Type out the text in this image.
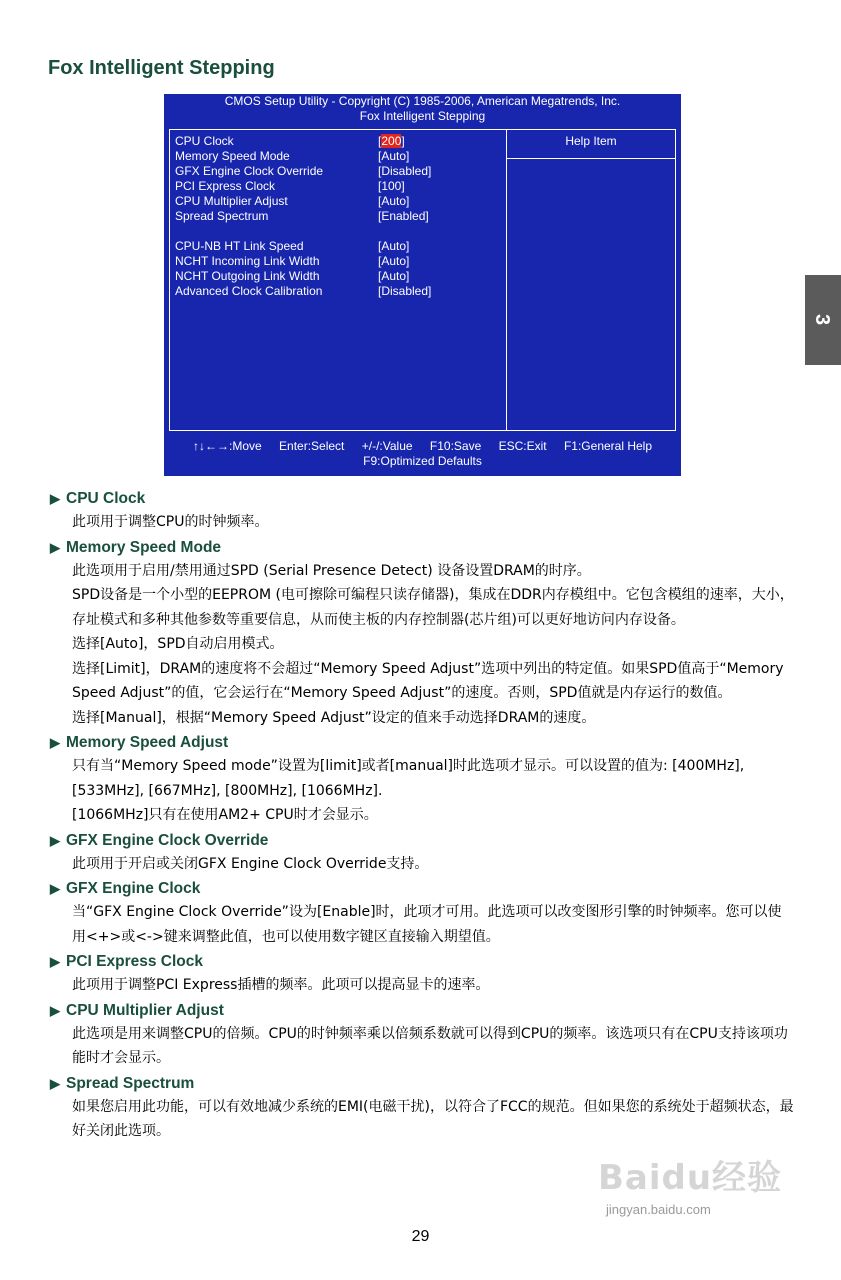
Fox Intelligent Stepping
CMOS Setup Utility - Copyright (C) 1985-2006, American Megatrends, Inc.
Fox Intelligent Stepping
Help Item
CPU Clock	[200]
Memory Speed Mode	[Auto]
GFX Engine Clock Override	[Disabled]
PCI Express Clock	[100]
CPU Multiplier Adjust	[Auto]
Spread Spectrum	[Enabled]
CPU-NB HT Link Speed	[Auto]
NCHT Incoming Link Width	[Auto]
NCHT Outgoing Link Width	[Auto]
Advanced Clock Calibration	[Disabled]
↑↓←→:Move Enter:Select +/-/:Value F10:Save ESC:Exit F1:General Help
F9:Optimized Defaults
3
▶ CPU Clock
此项用于调整CPU的时钟频率。
▶ Memory Speed Mode
此选项用于启用/禁用通过SPD (Serial Presence Detect) 设备设置DRAM的时序。
SPD设备是一个小型的EEPROM (电可擦除可编程只读存储器)，集成在DDR内存模组中。它包含模组的速率，大小，存址模式和多种其他参数等重要信息，从而使主板的内存控制器(芯片组)可以更好地访问内存设备。
选择[Auto]，SPD自动启用模式。
选择[Limit]，DRAM的速度将不会超过“Memory Speed Adjust”选项中列出的特定值。如果SPD值高于“Memory Speed Adjust”的值，它会运行在“Memory Speed Adjust”的速度。否则，SPD值就是内存运行的数值。
选择[Manual]，根据“Memory Speed Adjust”设定的值来手动选择DRAM的速度。
▶ Memory Speed Adjust
只有当“Memory Speed mode”设置为[limit]或者[manual]时此选项才显示。可以设置的值为: [400MHz], [533MHz], [667MHz], [800MHz], [1066MHz].
[1066MHz]只有在使用AM2+ CPU时才会显示。
▶ GFX Engine Clock Override
此项用于开启或关闭GFX Engine Clock Override支持。
▶ GFX Engine Clock
当“GFX Engine Clock Override”设为[Enable]时，此项才可用。此选项可以改变图形引擎的时钟频率。您可以使用<+>或<->键来调整此值，也可以使用数字键区直接输入期望值。
▶ PCI Express Clock
此项用于调整PCI Express插槽的频率。此项可以提高显卡的速率。
▶ CPU Multiplier Adjust
此选项是用来调整CPU的倍频。CPU的时钟频率乘以倍频系数就可以得到CPU的频率。该选项只有在CPU支持该项功能时才会显示。
▶ Spread Spectrum
如果您启用此功能，可以有效地减少系统的EMI(电磁干扰)，以符合了FCC的规范。但如果您的系统处于超频状态，最好关闭此选项。
29
Baidu经验
jingyan.baidu.com
